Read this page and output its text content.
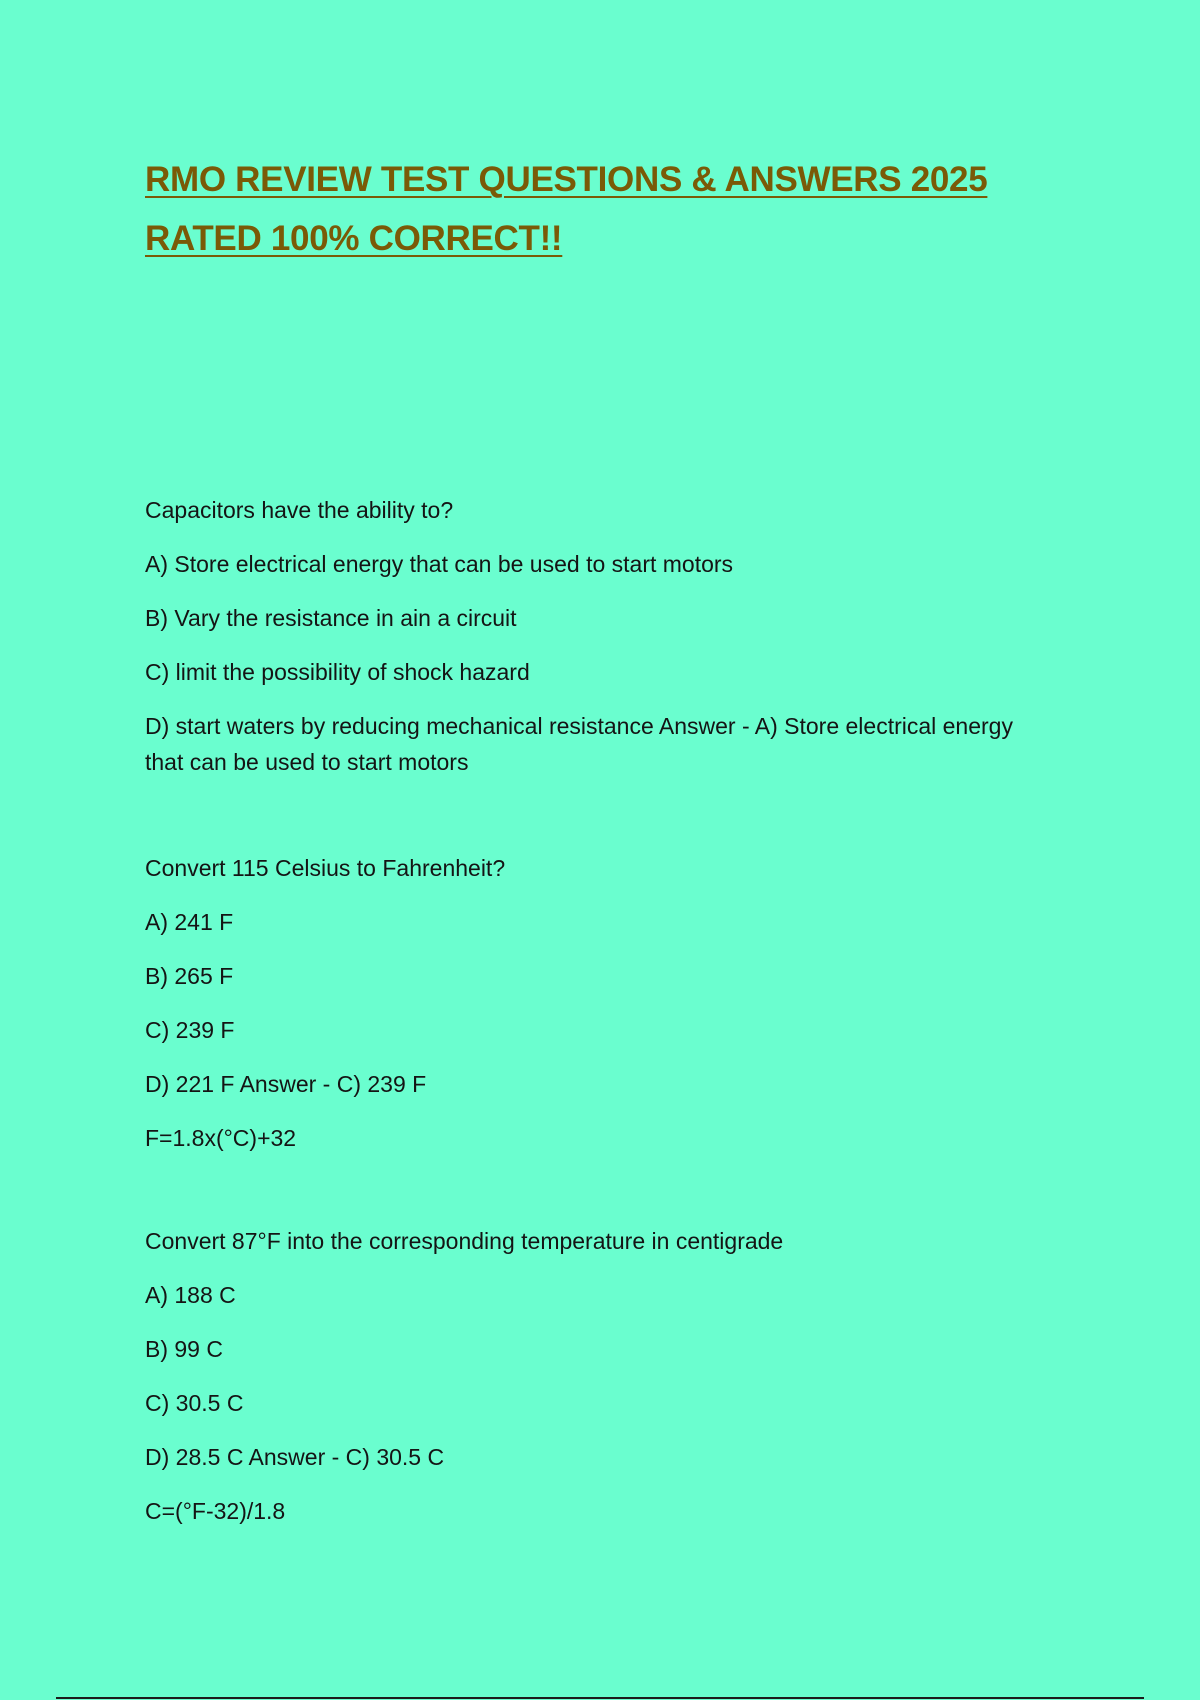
RMO REVIEW TEST QUESTIONS & ANSWERS 2025
RATED 100% CORRECT!!

Capacitors have the ability to?

A) Store electrical energy that can be used to start motors

B) Vary the resistance in ain a circuit

C) limit the possibility of shock hazard

D) start waters by reducing mechanical resistance Answer - A) Store electrical energy that can be used to start motors

Convert 115 Celsius to Fahrenheit?

A) 241 F

B) 265 F

C) 239 F

D) 221 F Answer - C) 239 F

F=1.8x(°C)+32

Convert 87°F into the corresponding temperature in centigrade

A) 188 C

B) 99 C

C) 30.5 C

D) 28.5 C Answer - C) 30.5 C

C=(°F-32)/1.8
